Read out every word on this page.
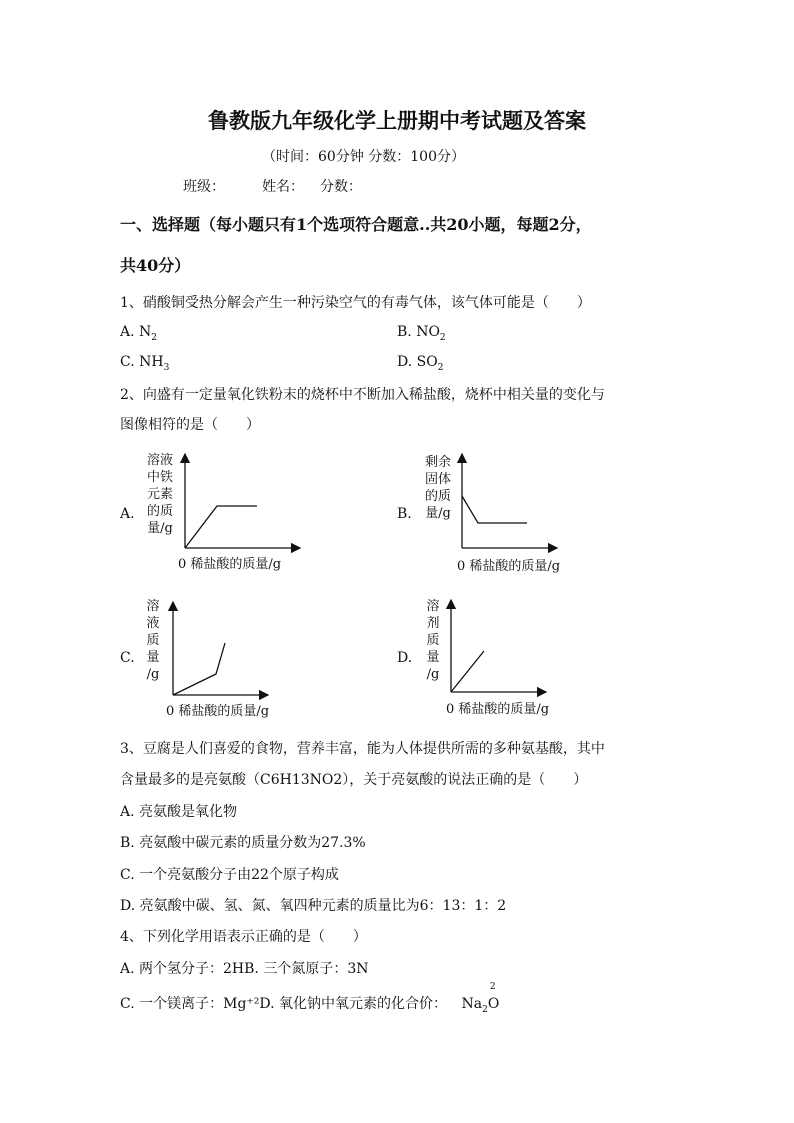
鲁教版九年级化学上册期中考试题及答案
（时间：60分钟 分数：100分）
班级：	姓名： 分数：
一、选择题（每小题只有1个选项符合题意..共20小题，每题2分，
共40分）
1、硝酸铜受热分解会产生一种污染空气的有毒气体，该气体可能是（　　）
A. $N_2$	B. $NO_2$
C. $NH_3$	D. $SO_2$
2、向盛有一定量氧化铁粉末的烧杯中不断加入稀盐酸，烧杯中相关量的变化与
图像相符的是（　　）
A.
溶液
中铁
元素
的质
量/g
0 稀盐酸的质量/g
B.
剩余
固体
的质
量/g
0 稀盐酸的质量/g
C.
溶
液
质
量
/g
0 稀盐酸的质量/g
D.
溶
剂
质
量
/g
0 稀盐酸的质量/g
3、豆腐是人们喜爱的食物，营养丰富，能为人体提供所需的多种氨基酸，其中
含量最多的是亮氨酸（C6H13NO2），关于亮氨酸的说法正确的是（　　）
A. 亮氨酸是氧化物
B. 亮氨酸中碳元素的质量分数为27.3%
C. 一个亮氨酸分子由22个原子构成
D. 亮氨酸中碳、氢、氮、氧四种元素的质量比为6：13：1：2
4、下列化学用语表示正确的是（　　）
A. 两个氢分子：2HB. 三个氮原子：3N
C. 一个镁离子：Mg⁺²D. 氧化钠中氧元素的化合价： $Na_2$
2
O
